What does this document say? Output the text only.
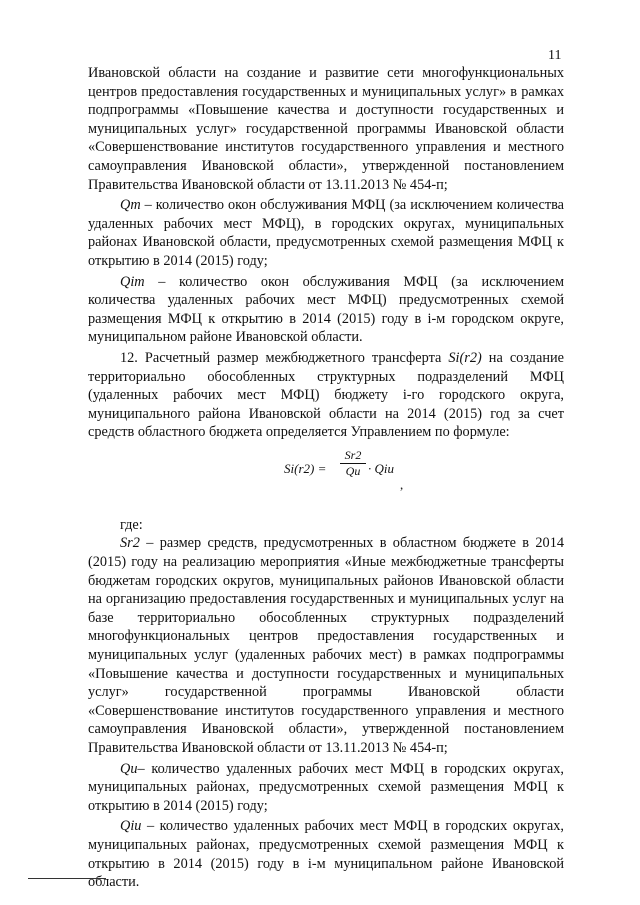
11

Ивановской области на создание и развитие сети многофункциональных центров предоставления государственных и муниципальных услуг» в рамках подпрограммы «Повышение качества и доступности государственных и муниципальных услуг» государственной программы Ивановской области «Совершенствование институтов государственного управления и местного самоуправления Ивановской области», утвержденной постановлением Правительства Ивановской области от 13.11.2013 № 454-п;

Qm – количество окон обслуживания МФЦ (за исключением количества удаленных рабочих мест МФЦ), в городских округах, муниципальных районах Ивановской области, предусмотренных схемой размещения МФЦ к открытию в 2014 (2015) году;

Qim – количество окон обслуживания МФЦ (за исключением количества удаленных рабочих мест МФЦ) предусмотренных схемой размещения МФЦ к открытию в 2014 (2015) году в i-м городском округе, муниципальном районе Ивановской области.

12. Расчетный размер межбюджетного трансферта Si(r2) на создание территориально обособленных структурных подразделений МФЦ (удаленных рабочих мест МФЦ) бюджету i-го городского округа, муниципального района Ивановской области на 2014 (2015) год за счет средств областного бюджета определяется Управлением по формуле:

$Si(r2) = \frac{Sr2}{Qu}$ · Qiu
,

где:

Sr2 – размер средств, предусмотренных в областном бюджете в 2014 (2015) году на реализацию мероприятия «Иные межбюджетные трансферты бюджетам городских округов, муниципальных районов Ивановской области на организацию предоставления государственных и муниципальных услуг на базе территориально обособленных структурных подразделений многофункциональных центров предоставления государственных и муниципальных услуг (удаленных рабочих мест) в рамках подпрограммы «Повышение качества и доступности государственных и муниципальных услуг» государственной программы Ивановской области «Совершенствование институтов государственного управления и местного самоуправления Ивановской области», утвержденной постановлением Правительства Ивановской области от 13.11.2013 № 454-п;

Qu– количество удаленных рабочих мест МФЦ в городских округах, муниципальных районах, предусмотренных схемой размещения МФЦ к открытию в 2014 (2015) году;

Qiu – количество удаленных рабочих мест МФЦ в городских округах, муниципальных районах, предусмотренных схемой размещения МФЦ к открытию в 2014 (2015) году в i-м муниципальном районе Ивановской области.
